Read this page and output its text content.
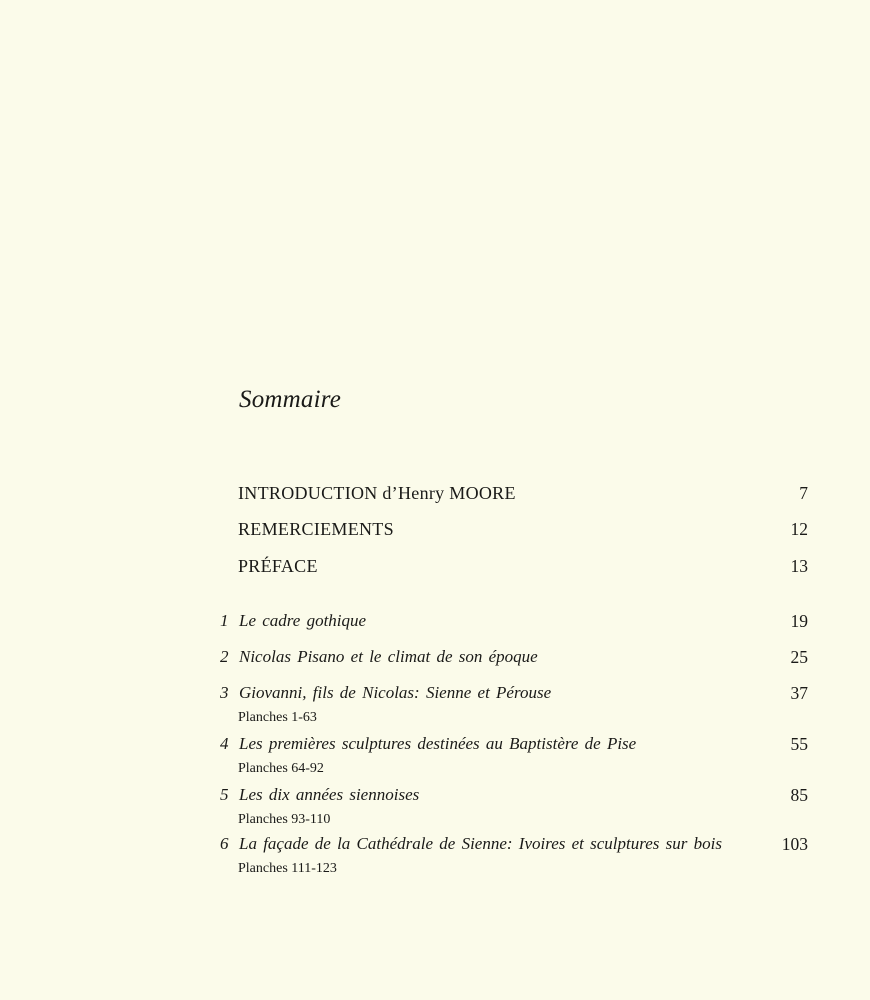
Sommaire
INTRODUCTION d’Henry MOORE	7
REMERCIEMENTS	12
PRÉFACE	13
1 Le cadre gothique	19
2 Nicolas Pisano et le climat de son époque	25
3 Giovanni, fils de Nicolas: Sienne et Pérouse	37
Planches 1-63
4 Les premières sculptures destinées au Baptistère de Pise	55
Planches 64-92
5 Les dix années siennoises	85
Planches 93-110
6 La façade de la Cathédrale de Sienne: Ivoires et sculptures sur bois	103
Planches 111-123
